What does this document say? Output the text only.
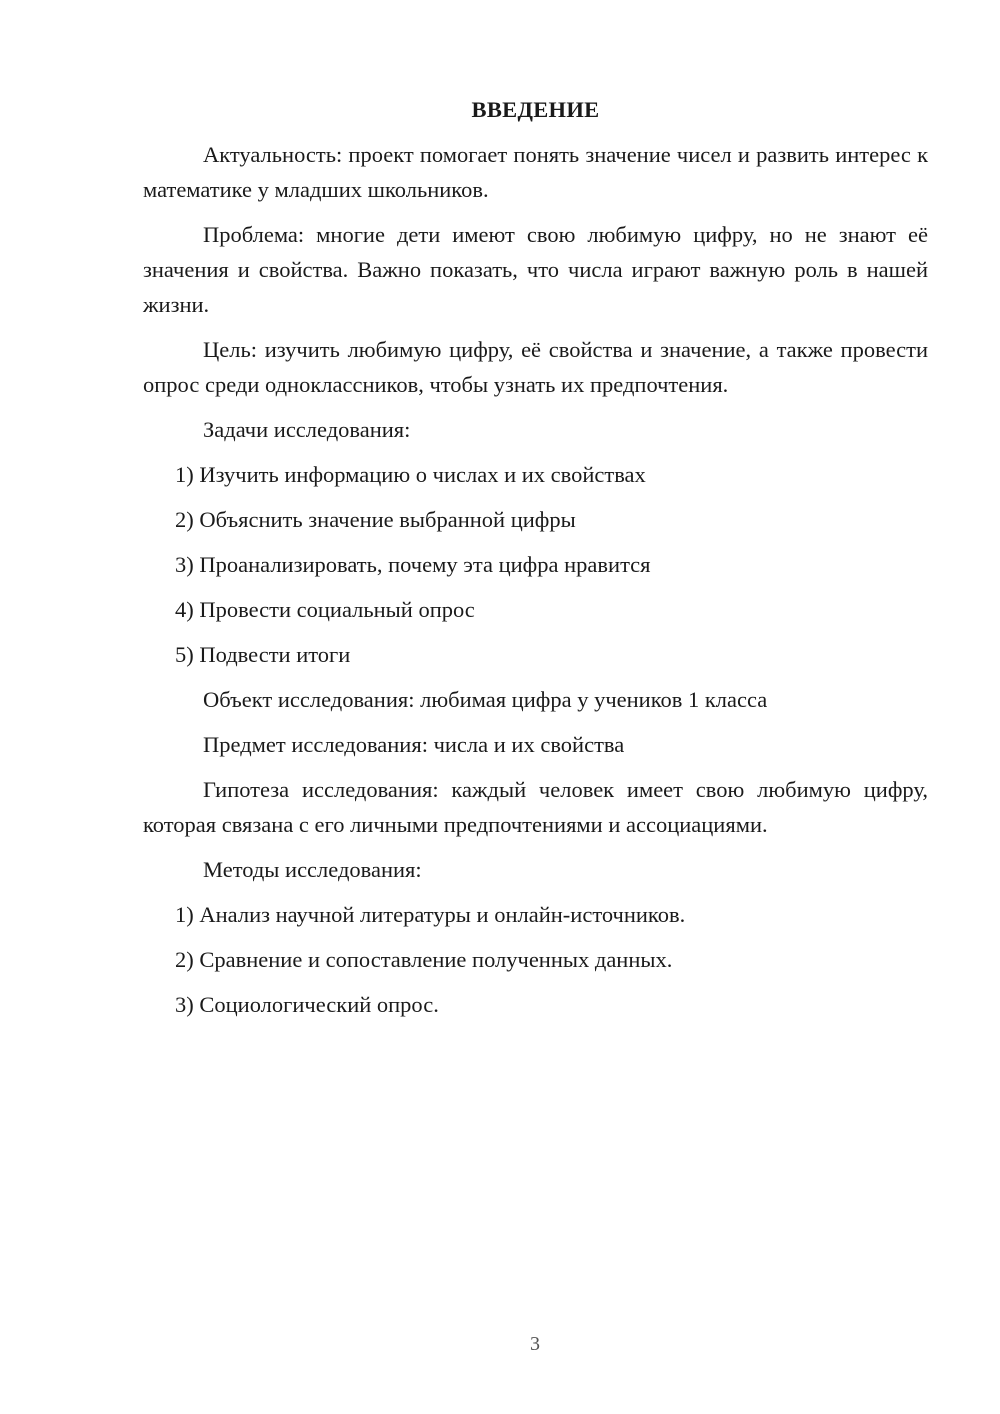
ВВЕДЕНИЕ
Актуальность: проект помогает понять значение чисел и развить интерес к математике у младших школьников.
Проблема: многие дети имеют свою любимую цифру, но не знают её значения и свойства. Важно показать, что числа играют важную роль в нашей жизни.
Цель: изучить любимую цифру, её свойства и значение, а также провести опрос среди одноклассников, чтобы узнать их предпочтения.
Задачи исследования:
1) Изучить информацию о числах и их свойствах
2) Объяснить значение выбранной цифры
3) Проанализировать, почему эта цифра нравится
4) Провести социальный опрос
5) Подвести итоги
Объект исследования: любимая цифра у учеников 1 класса
Предмет исследования: числа и их свойства
Гипотеза исследования: каждый человек имеет свою любимую цифру, которая связана с его личными предпочтениями и ассоциациями.
Методы исследования:
1) Анализ научной литературы и онлайн-источников.
2) Сравнение и сопоставление полученных данных.
3) Социологический опрос.
3
